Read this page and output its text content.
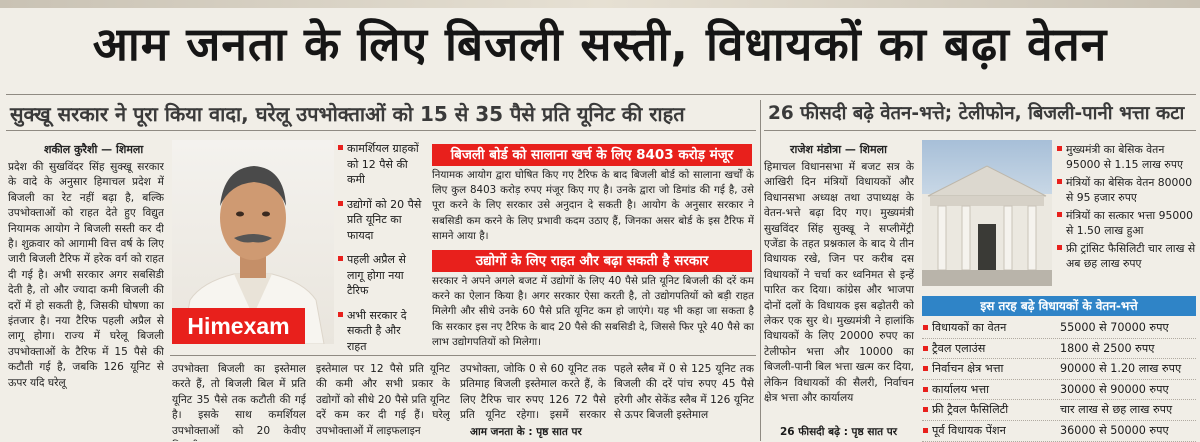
आम जनता के लिए बिजली सस्ती, विधायकों का बढ़ा वेतन
सुक्खू सरकार ने पूरा किया वादा, घरेलू उपभोक्ताओं को 15 से 35 पैसे प्रति यूनिट की राहत	26 फीसदी बढ़े वेतन-भत्ते; टेलीफोन, बिजली-पानी भत्ता कटा
शकील कुरैशी — शिमला
प्रदेश की सुखविंदर सिंह सुक्खू सरकार के वादे के अनुसार हिमाचल प्रदेश में बिजली का रेट नहीं बढ़ा है, बल्कि उपभोक्ताओं को राहत देते हुए विद्युत नियामक आयोग ने बिजली सस्ती कर दी है। शुक्रवार को आगामी वित्त वर्ष के लिए जारी बिजली टैरिफ में हरेक वर्ग को राहत दी गई है। अभी सरकार अगर सबसिडी देती है, तो और ज्यादा कमी बिजली की दरों में हो सकती है, जिसकी घोषणा का इंतजार है। नया टैरिफ पहली अप्रैल से लागू होगा। राज्य में घरेलू बिजली उपभोक्ताओं के टैरिफ में 15 पैसे की कटौती गई है, जबकि 126 यूनिट से ऊपर यदि घरेलू
Himexam
कामर्शियल ग्राहकों को 12 पैसे की कमी
उद्योगों को 20 पैसे प्रति यूनिट का फायदा
पहली अप्रैल से लागू होगा नया टैरिफ
अभी सरकार दे सकती है और राहत
बिजली बोर्ड को सालाना खर्च के लिए 8403 करोड़ मंजूर
नियामक आयोग द्वारा घोषित किए गए टैरिफ के बाद बिजली बोर्ड को सालाना खर्चों के लिए कुल 8403 करोड़ रुपए मंजूर किए गए है। उनके द्वारा जो डिमांड की गई है, उसे पूरा करने के लिए सरकार उसे अनुदान दे सकती है। आयोग के अनुसार सरकार ने सबसिडी कम करने के लिए प्रभावी कदम उठाए हैं, जिनका असर बोर्ड के इस टैरिफ में सामने आया है।
उद्योगों के लिए राहत और बढ़ा सकती है सरकार
सरकार ने अपने अगले बजट में उद्योगों के लिए 40 पैसे प्रति यूनिट बिजली की दरें कम करने का ऐलान किया है। अगर सरकार ऐसा करती है, तो उद्योगपतियों को बड़ी राहत मिलेगी और सीधे उनके 60 पैसे प्रति यूनिट कम हो जाएंगे। यह भी कहा जा सकता है कि सरकार इस नए टैरिफ के बाद 20 पैसे की सबसिडी दे, जिससे फिर पूरे 40 पैसे का लाभ उद्योगपतियों को मिलेगा।
उपभोक्ता बिजली का इस्तेमाल करते हैं, तो बिजली बिल में प्रति यूनिट 35 पैसे तक कटौती की गई है। इसके साथ कमर्शियल उपभोक्ताओं को 20 केवीए
इस्तेमाल पर 12 पैसे प्रति यूनिट की कमी और सभी प्रकार के उद्योगों को सीधे 20 पैसे प्रति यूनिट दरें कम कर दी गई हैं। घरेलू उपभोक्ताओं में लाइफलाइन
उपभोक्ता, जोकि 0 से 60 यूनिट तक प्रतिमाह बिजली इस्तेमाल करते हैं, के लिए टैरिफ चार रुपए 126 72 पैसे प्रति यूनिट रहेगा। इसमें सरकार
आम जनता के : पृष्ठ सात पर
पहले स्लैब में 0 से 125 यूनिट तक बिजली की दरें पांच रुपए 45 पैसे हरेगी और सेकेंड स्लैब में 126 यूनिट से ऊपर बिजली इस्तेमाल
राजेश मंडोत्रा — शिमला
हिमाचल विधानसभा में बजट सत्र के आखिरी दिन मंत्रियों विधायकों और विधानसभा अध्यक्ष तथा उपाध्यक्ष के वेतन-भत्ते बढ़ा दिए गए। मुख्यमंत्री सुखविंदर सिंह सुक्खू ने सप्लीमेंट्री एजेंडा के तहत प्रश्नकाल के बाद ये तीन विधायक रखे, जिन पर करीब दस विधायकों ने चर्चा कर ध्वनिमत से इन्हें पारित कर दिया। कांग्रेस और भाजपा दोनों दलों के विधायक इस बढ़ोतरी को लेकर एक सुर थे। मुख्यमंत्री ने हालांकि विधायकों के लिए 20000 रुपए का टेलीफोन भत्ता और 10000 का बिजली-पानी बिल भत्ता खत्म कर दिया, लेकिन विधायकों की सैलरी, निर्वाचन क्षेत्र भत्ता और कार्यालय
26 फीसदी बढ़े : पृष्ठ सात पर
मुख्यमंत्री का बेसिक वेतन 95000 से 1.15 लाख रुपए
मंत्रियों का बेसिक वेतन 80000 से 95 हजार रुपए
मंत्रियों का सत्कार भत्ता 95000 से 1.50 लाख हुआ
फ्री ट्रांसिट फैसिलिटी चार लाख से अब छह लाख रुपए
इस तरह बढ़े विधायकों के वेतन-भत्ते
विधायकों का वेतन	55000 से 70000 रुपए
ट्रैवल एलाउंस	1800 से 2500 रुपए
निर्वाचन क्षेत्र भत्ता	90000 से 1.20 लाख रुपए
कार्यालय भत्ता	30000 से 90000 रुपए
फ्री ट्रैवल फैसिलिटी	चार लाख से छह लाख रुपए
पूर्व विधायक पेंशन	36000 से 50000 रुपए
